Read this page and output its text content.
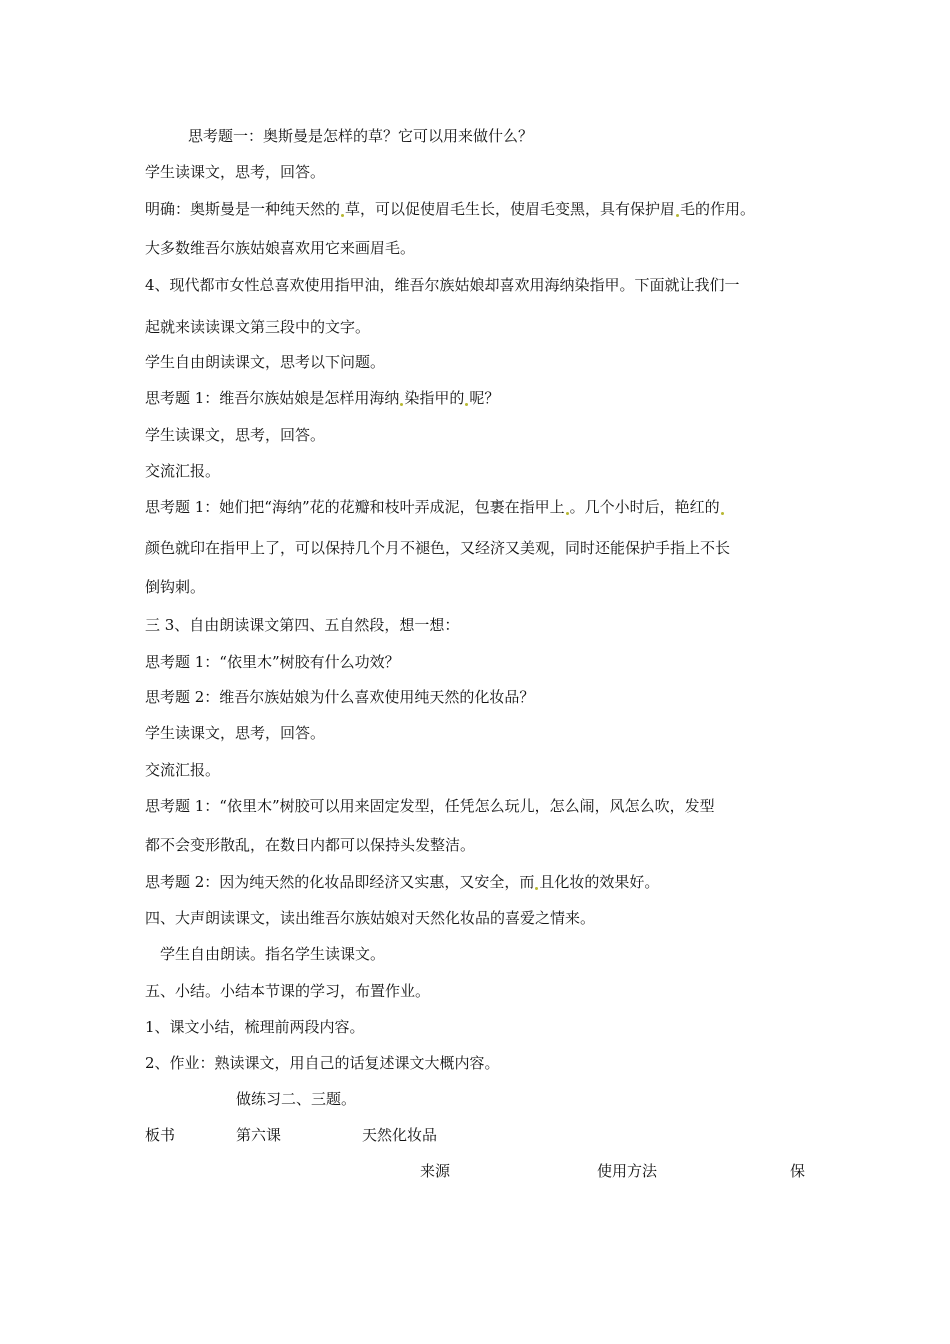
思考题一：奥斯曼是怎样的草？它可以用来做什么？
学生读课文，思考，回答。
明确：奥斯曼是一种纯天然的 草，可以促使眉毛生长，使眉毛变黑，具有保护眉 毛的作用。
大多数维吾尔族姑娘喜欢用它来画眉毛。
4、现代都市女性总喜欢使用指甲油，维吾尔族姑娘却喜欢用海纳染指甲。下面就让我们一
起就来读读课文第三段中的文字。
学生自由朗读课文，思考以下问题。
思考题 1：维吾尔族姑娘是怎样用海纳 染指甲的 呢？
学生读课文，思考，回答。
交流汇报。
思考题 1：她们把“海纳”花的花瓣和枝叶弄成泥，包裹在指甲上 。几个小时后，艳红的
颜色就印在指甲上了，可以保持几个月不褪色，又经济又美观，同时还能保护手指上不长
倒钩刺。
三 3、自由朗读课文第四、五自然段，想一想：
思考题 1：“依里木”树胶有什么功效？
思考题 2：维吾尔族姑娘为什么喜欢使用纯天然的化妆品？
学生读课文，思考，回答。
交流汇报。
思考题 1：“依里木”树胶可以用来固定发型，任凭怎么玩儿，怎么闹，风怎么吹，发型
都不会变形散乱，在数日内都可以保持头发整洁。
思考题 2：因为纯天然的化妆品即经济又实惠，又安全，而 且化妆的效果好。
四、大声朗读课文，读出维吾尔族姑娘对天然化妆品的喜爱之情来。
学生自由朗读。指名学生读课文。
五、小结。小结本节课的学习，布置作业。
1、课文小结，梳理前两段内容。
2、作业：熟读课文，用自己的话复述课文大概内容。
做练习二、三题。
板书	第六课	天然化妆品
来源	使用方法	保
